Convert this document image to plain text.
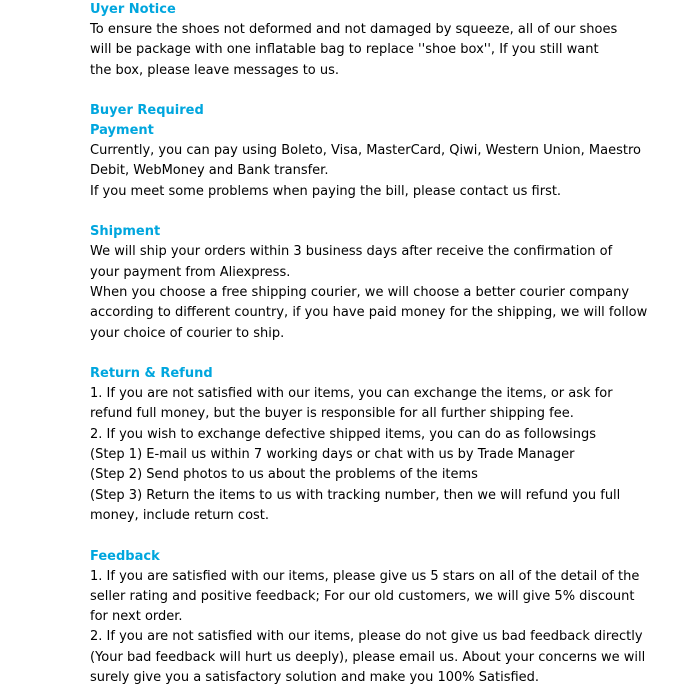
Uyer Notice
To ensure the shoes not deformed and not damaged by squeeze, all of our shoes
will be package with one inflatable bag to replace ''shoe box'', If you still want
the box, please leave messages to us.
Buyer Required
Payment
Currently, you can pay using Boleto, Visa, MasterCard, Qiwi, Western Union, Maestro
Debit, WebMoney and Bank transfer.
If you meet some problems when paying the bill, please contact us first.
Shipment
We will ship your orders within 3 business days after receive the confirmation of
your payment from Aliexpress.
When you choose a free shipping courier, we will choose a better courier company
according to different country, if you have paid money for the shipping, we will follow
your choice of courier to ship.
Return & Refund
1. If you are not satisfied with our items, you can exchange the items, or ask for
refund full money, but the buyer is responsible for all further shipping fee.
2. If you wish to exchange defective shipped items, you can do as followsings
(Step 1) E-mail us within 7 working days or chat with us by Trade Manager
(Step 2) Send photos to us about the problems of the items
(Step 3) Return the items to us with tracking number, then we will refund you full
money, include return cost.
Feedback
1. If you are satisfied with our items, please give us 5 stars on all of the detail of the
seller rating and positive feedback; For our old customers, we will give 5% discount
for next order.
2. If you are not satisfied with our items, please do not give us bad feedback directly
(Your bad feedback will hurt us deeply), please email us. About your concerns we will
surely give you a satisfactory solution and make you 100% Satisfied.
